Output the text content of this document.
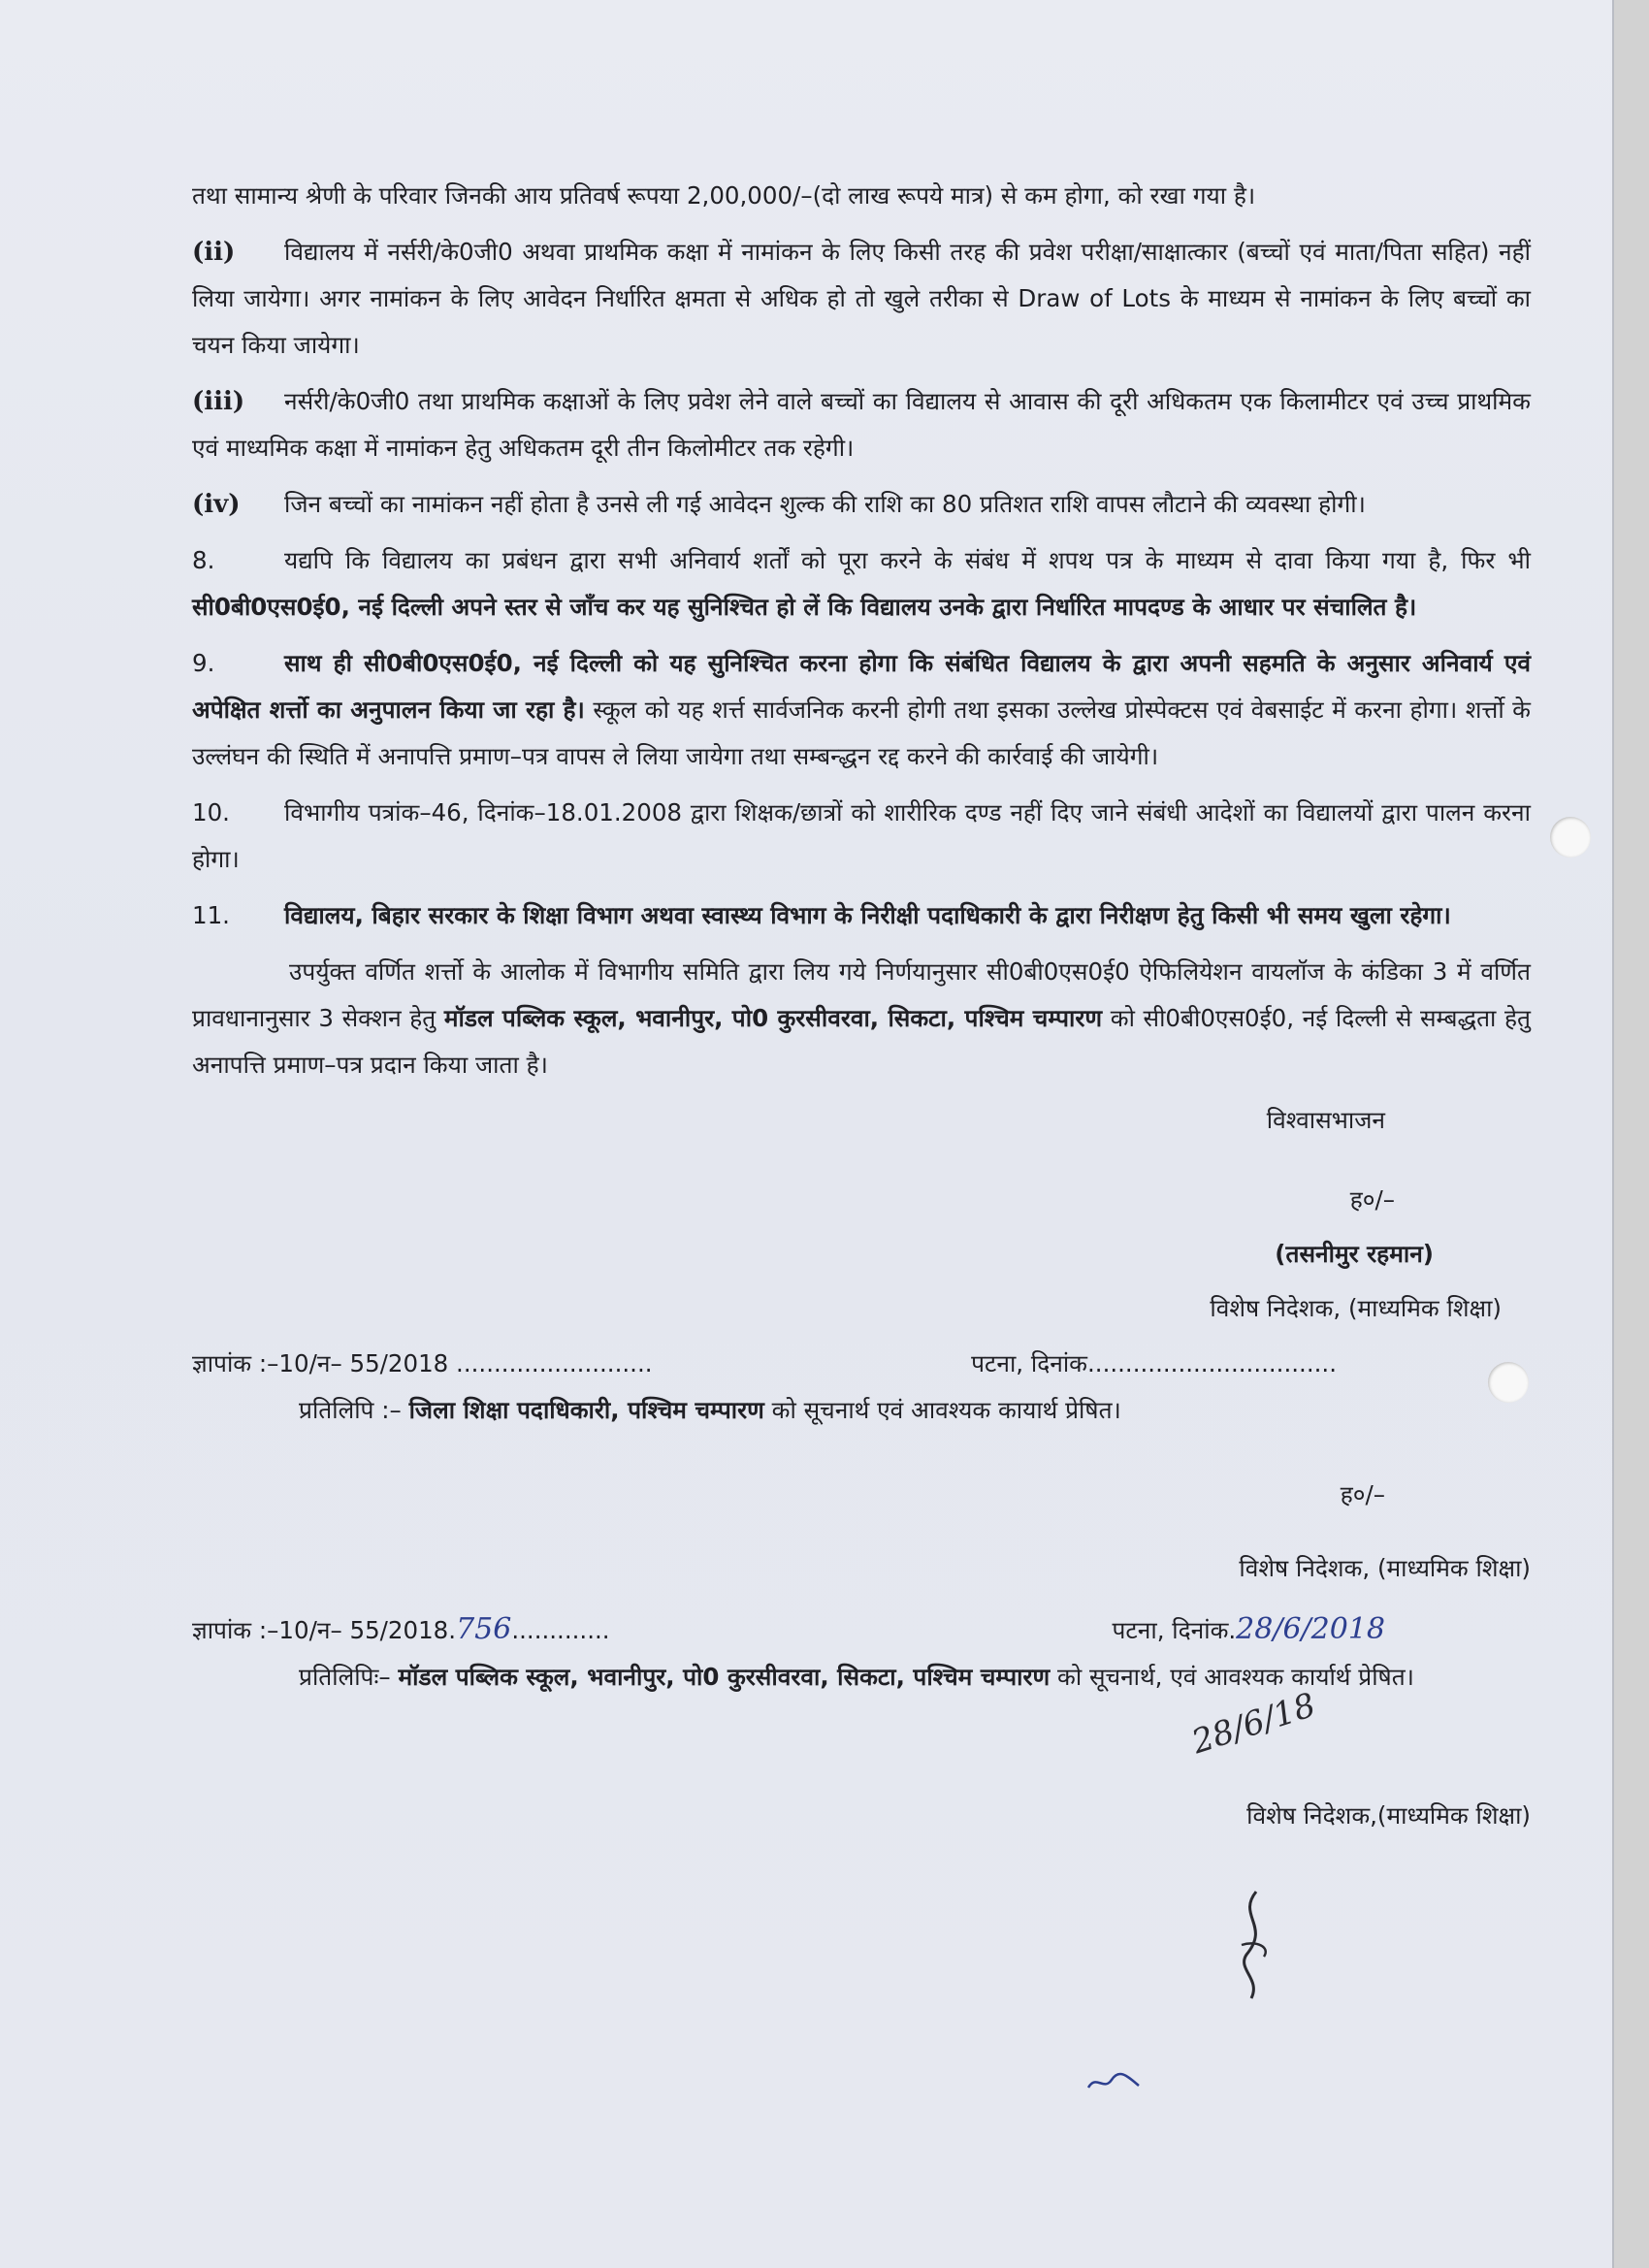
तथा सामान्य श्रेणी के परिवार जिनकी आय प्रतिवर्ष रूपया 2,00,000/–(दो लाख रूपये मात्र) से कम होगा, को रखा गया है।

(ii) विद्यालय में नर्सरी/के0जी0 अथवा प्राथमिक कक्षा में नामांकन के लिए किसी तरह की प्रवेश परीक्षा/साक्षात्कार (बच्चों एवं माता/पिता सहित) नहीं लिया जायेगा। अगर नामांकन के लिए आवेदन निर्धारित क्षमता से अधिक हो तो खुले तरीका से Draw of Lots के माध्यम से नामांकन के लिए बच्चों का चयन किया जायेगा।

(iii) नर्सरी/के0जी0 तथा प्राथमिक कक्षाओं के लिए प्रवेश लेने वाले बच्चों का विद्यालय से आवास की दूरी अधिकतम एक किलामीटर एवं उच्च प्राथमिक एवं माध्यमिक कक्षा में नामांकन हेतु अधिकतम दूरी तीन किलोमीटर तक रहेगी।

(iv) जिन बच्चों का नामांकन नहीं होता है उनसे ली गई आवेदन शुल्क की राशि का 80 प्रतिशत राशि वापस लौटाने की व्यवस्था होगी।

8.	यद्यपि कि विद्यालय का प्रबंधन द्वारा सभी अनिवार्य शर्तों को पूरा करने के संबंध में शपथ पत्र के माध्यम से दावा किया गया है, फिर भी सी0बी0एस0ई0, नई दिल्ली अपने स्तर से जाँच कर यह सुनिश्चित हो लें कि विद्यालय उनके द्वारा निर्धारित मापदण्ड के आधार पर संचालित है।

9.	साथ ही सी0बी0एस0ई0, नई दिल्ली को यह सुनिश्चित करना होगा कि संबंधित विद्यालय के द्वारा अपनी सहमति के अनुसार अनिवार्य एवं अपेक्षित शर्त्तो का अनुपालन किया जा रहा है। स्कूल को यह शर्त्त सार्वजनिक करनी होगी तथा इसका उल्लेख प्रोस्पेक्टस एवं वेबसाईट में करना होगा। शर्त्तो के उल्लंघन की स्थिति में अनापत्ति प्रमाण–पत्र वापस ले लिया जायेगा तथा सम्बन्द्धन रद्द करने की कार्रवाई की जायेगी।

10. विभागीय पत्रांक–46, दिनांक–18.01.2008 द्वारा शिक्षक/छात्रों को शारीरिक दण्ड नहीं दिए जाने संबंधी आदेशों का विद्यालयों द्वारा पालन करना होगा।

11. विद्यालय, बिहार सरकार के शिक्षा विभाग अथवा स्वास्थ्य विभाग के निरीक्षी पदाधिकारी के द्वारा निरीक्षण हेतु किसी भी समय खुला रहेगा।

उपर्युक्त वर्णित शर्त्तो के आलोक में विभागीय समिति द्वारा लिय गये निर्णयानुसार सी0बी0एस0ई0 ऐफिलियेशन वायलॉज के कंडिका 3 में वर्णित प्रावधानानुसार 3 सेक्शन हेतु मॉडल पब्लिक स्कूल, भवानीपुर, पो0 कुरसीवरवा, सिकटा, पश्चिम चम्पारण को सी0बी0एस0ई0, नई दिल्ली से सम्बद्धता हेतु अनापत्ति प्रमाण–पत्र प्रदान किया जाता है।

विश्वासभाजन

ह०/–

(तसनीमुर रहमान)

विशेष निदेशक, (माध्यमिक शिक्षा)

ज्ञापांक :–10/न– 55/2018 ..........................	पटना, दिनांक.................................

प्रतिलिपि :– जिला शिक्षा पदाधिकारी, पश्चिम चम्पारण को सूचनार्थ एवं आवश्यक कायार्थ प्रेषित।

ह०/–

विशेष निदेशक, (माध्यमिक शिक्षा)

ज्ञापांक :–10/न– 55/2018.756.............	पटना, दिनांक.28/6/2018

प्रतिलिपिः– मॉडल पब्लिक स्कूल, भवानीपुर, पो0 कुरसीवरवा, सिकटा, पश्चिम चम्पारण को सूचनार्थ, एवं आवश्यक कार्यार्थ प्रेषित।

28/6/18

विशेष निदेशक,(माध्यमिक शिक्षा)
